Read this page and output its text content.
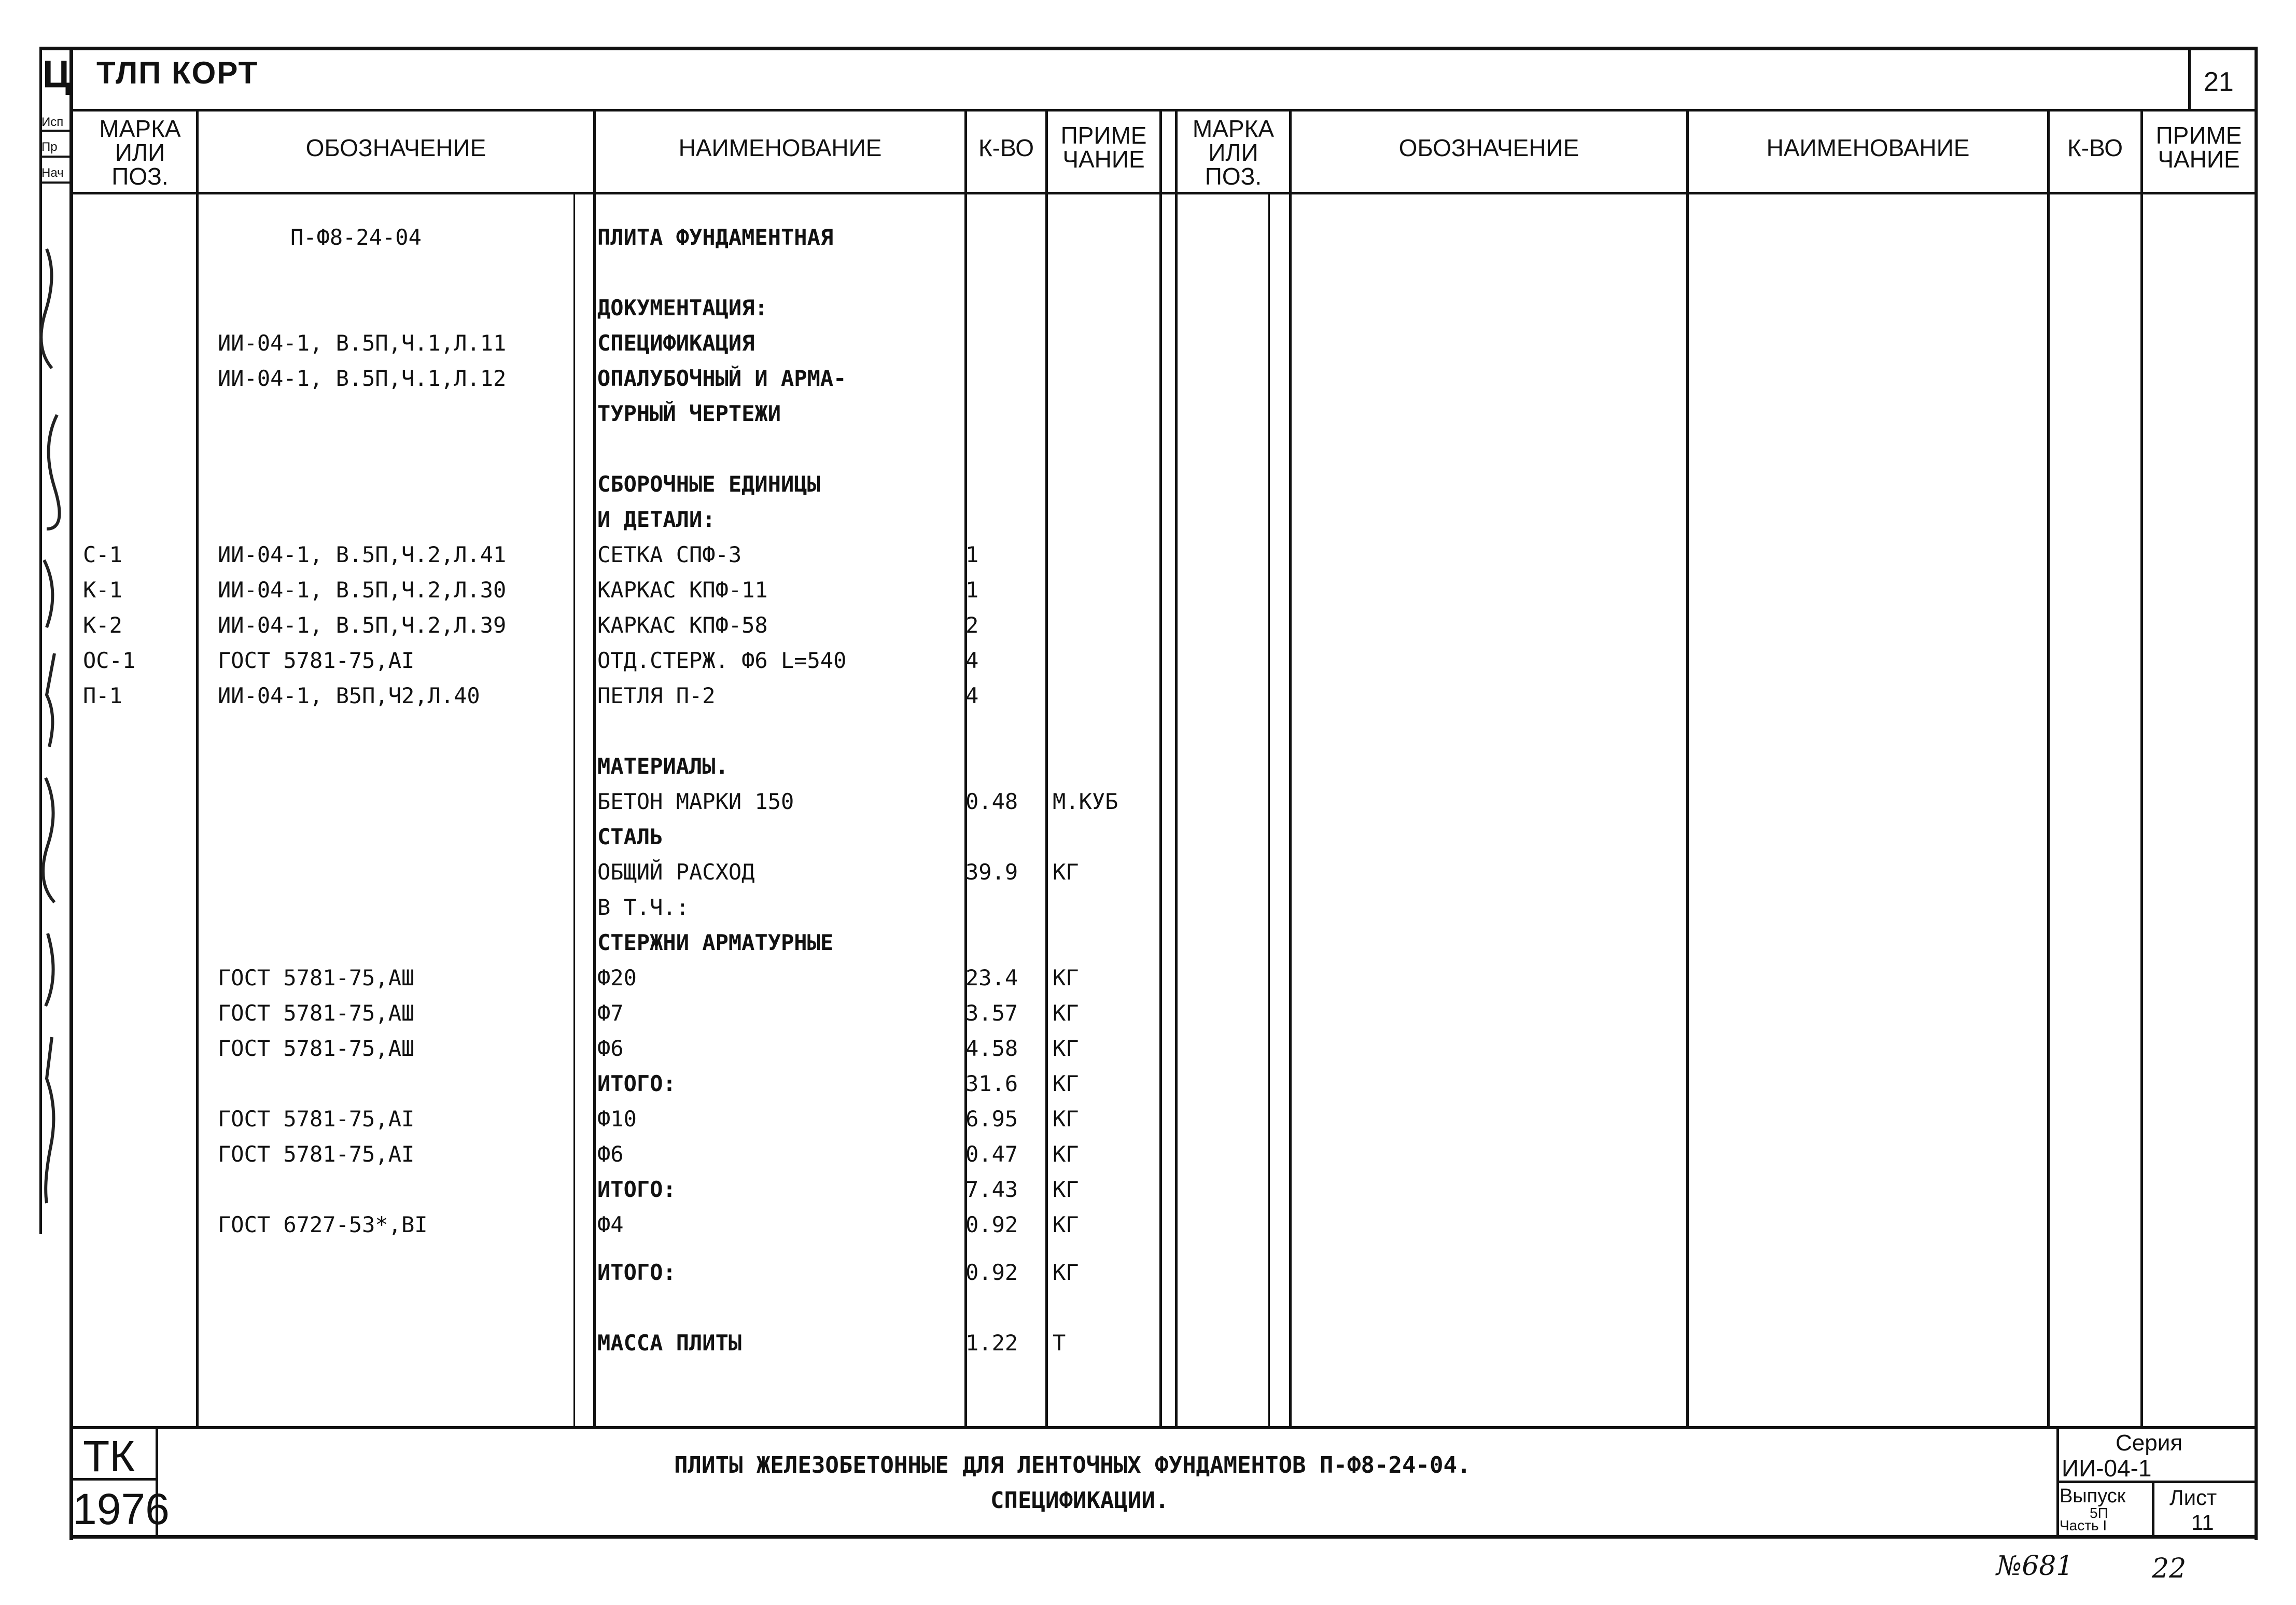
Ц ТЛП КОРТ	21
Исп
Пр
Нач
МАРКА
ИЛИ
ПОЗ.
ОБОЗНАЧЕНИЕ	НАИМЕНОВАНИЕ	К-ВО	ПРИМЕ
ЧАНИЕ
МАРКА
ИЛИ
ПОЗ.
ОБОЗНАЧЕНИЕ	НАИМЕНОВАНИЕ	К-ВО	ПРИМЕ
ЧАНИЕ
П-Ф8-24-04	ПЛИТА ФУНДАМЕНТНАЯ
ДОКУМЕНТАЦИЯ:
ИИ-04-1, В.5П,Ч.1,Л.11	СПЕЦИФИКАЦИЯ
ИИ-04-1, В.5П,Ч.1,Л.12	ОПАЛУБОЧНЫЙ И АРМА-
ТУРНЫЙ ЧЕРТЕЖИ
СБОРОЧНЫЕ ЕДИНИЦЫ
И ДЕТАЛИ:
С-1	ИИ-04-1, В.5П,Ч.2,Л.41	СЕТКА СПФ-3	1
К-1	ИИ-04-1, В.5П,Ч.2,Л.30	КАРКАС КПФ-11	1
К-2	ИИ-04-1, В.5П,Ч.2,Л.39	КАРКАС КПФ-58	2
ОС-1	ГОСТ 5781-75,АI	ОТД.СТЕРЖ. Ф6 L=540	4
П-1	ИИ-04-1, В5П,Ч2,Л.40	ПЕТЛЯ П-2	4
МАТЕРИАЛЫ.
БЕТОН МАРКИ 150	0.48 М.КУБ
СТАЛЬ
ОБЩИЙ РАСХОД	39.9 КГ
В Т.Ч.:
СТЕРЖНИ АРМАТУРНЫЕ
ГОСТ 5781-75,АШ	Ф20	23.4 КГ
ГОСТ 5781-75,АШ	Ф7	3.57 КГ
ГОСТ 5781-75,АШ	Ф6	4.58 КГ
ИТОГО:	31.6 КГ
ГОСТ 5781-75,АI	Ф10	6.95 КГ
ГОСТ 5781-75,АI	Ф6	0.47 КГ
ИТОГО:	7.43 КГ
ГОСТ 6727-53*,ВI	Ф4	0.92 КГ
ИТОГО:	0.92 КГ
МАССА ПЛИТЫ	1.22 Т
ТК
1976
ПЛИТЫ ЖЕЛЕЗОБЕТОННЫЕ ДЛЯ ЛЕНТОЧНЫХ ФУНДАМЕНТОВ П-Ф8-24-04.
СПЕЦИФИКАЦИИ.
Серия
ИИ-04-1
Выпуск
5П
Часть I
Лист
11
№681	22
